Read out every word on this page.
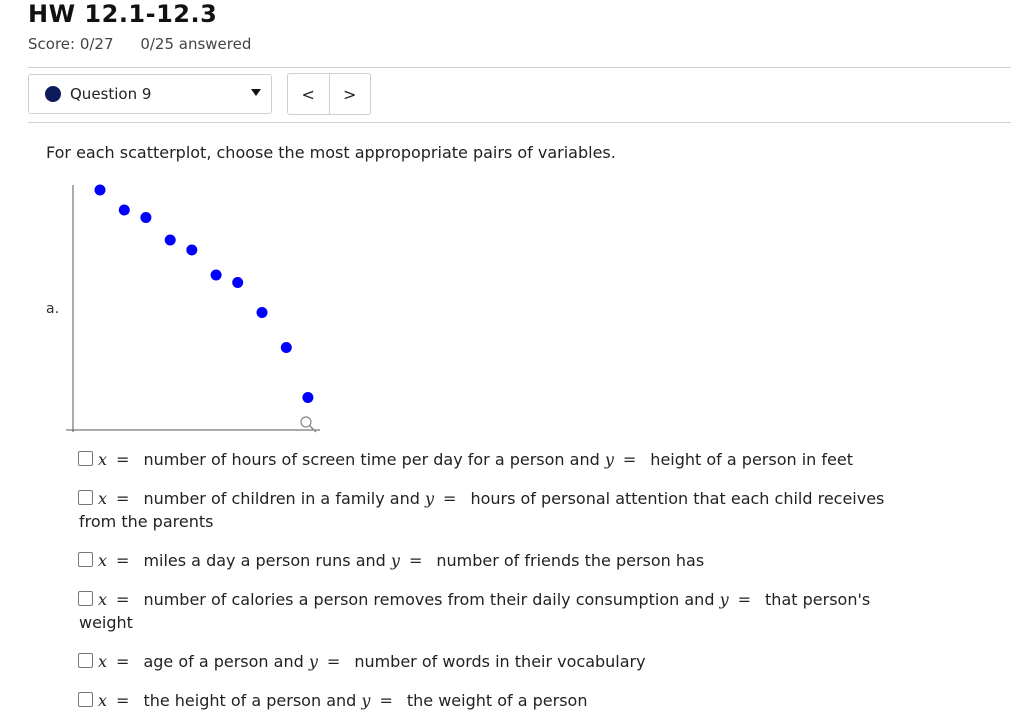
HW 12.1-12.3
Score: 0/27 0/25 answered
Question 9	<	>
For each scatterplot, choose the most appropopriate pairs of variables.
a.
x = number of hours of screen time per day for a person and y = height of a person in feet
x = number of children in a family and y = hours of personal attention that each child receives
from the parents
x = miles a day a person runs and y = number of friends the person has
x = number of calories a person removes from their daily consumption and y = that person's
weight
x = age of a person and y = number of words in their vocabulary
x = the height of a person and y = the weight of a person
